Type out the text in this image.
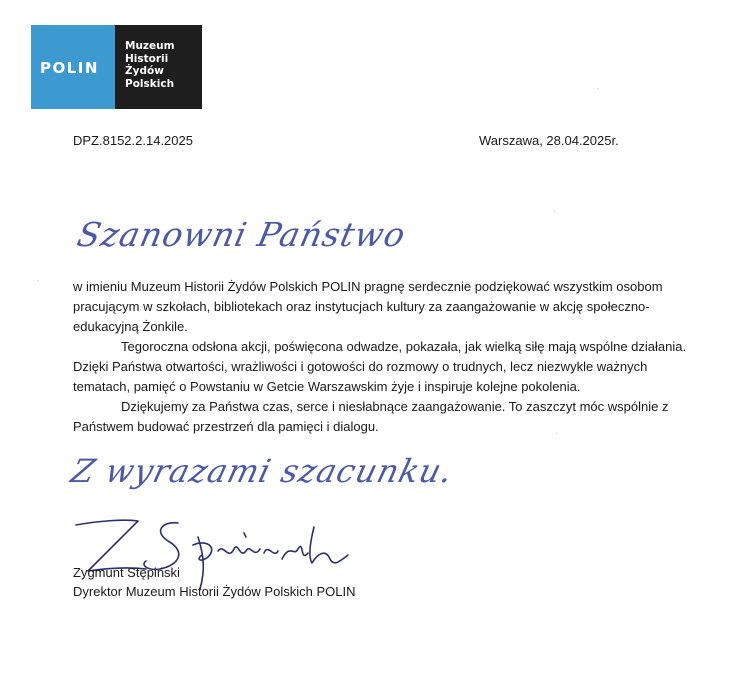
POLIN
Muzeum
Historii
Żydów
Polskich
DPZ.8152.2.14.2025	Warszawa, 28.04.2025r.
Szanowni Państwo

w imieniu Muzeum Historii Żydów Polskich POLIN pragnę serdecznie podziękować wszystkim osobom pracującym w szkołach, bibliotekach oraz instytucjach kultury za zaangażowanie w akcję społeczno-edukacyjną Żonkile.

Tegoroczna odsłona akcji, poświęcona odwadze, pokazała, jak wielką siłę mają wspólne działania. Dzięki Państwa otwartości, wrażliwości i gotowości do rozmowy o trudnych, lecz niezwykle ważnych tematach, pamięć o Powstaniu w Getcie Warszawskim żyje i inspiruje kolejne pokolenia.

Dziękujemy za Państwa czas, serce i niesłabnące zaangażowanie. To zaszczyt móc wspólnie z Państwem budować przestrzeń dla pamięci i dialogu.

Z wyrazami szacunku.
Zygmunt Stępiński
Dyrektor Muzeum Historii Żydów Polskich POLIN
·
·
·
·
